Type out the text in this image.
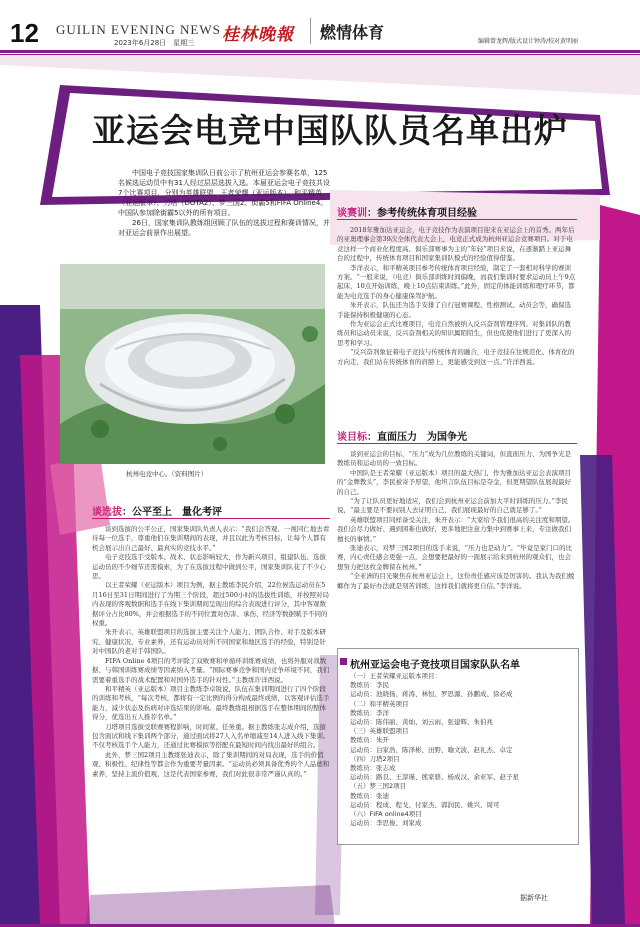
12 GUILIN EVENING NEWS
2023年6月28日　星期三 桂林晚報 燃情体育	编辑曾龙辉/版式设计钟涛/校对黄明丽
亚运会电竞中国队队员名单出炉

中国电子竞技国家集训队日前公示了杭州亚运会参赛名单，125名候选运动员中有31人经过层层选拔入选。本届亚运会电子竞技共设7个比赛项目，分别为英雄联盟、王者荣耀（亚运版本）、和平精英（亚运版本）、刀塔（DOTA2）、梦三国2、街霸5和FIFA Online4。中国队参加除街霸5以外的所有项目。

26日，国家集训队教练组回顾了队伍的选拔过程和赛训情况，并对亚运会前景作出展望。

杭州电竞中心。（资料图片）
谈选拔：公平至上　量化考评

谈到选拔的公平公正，国家集训队负责人表示：“我们会答观、一视同仁地去看待每一位选手，尊重他们在集训期间的表现，并且以此为考核目标，让每个人都有机会展示出自己最好、最真实的竞技水平。”

电子竞技选手受版本、战术、状态影响较大，作为新兴项目，组建队伍、选拔运动员的不少细节还需摸索，为了在选拔过程中做到公平，国家集训队花了不少心思。

以王者荣耀（亚运版本）项目为例，据主教练李民介绍，22位候选运动员在5月16日至31日期间进行了为期三个阶段，超过500小时的选拔性训练，并按照对局内表现的客观数据和选手在线下集训期间呈现出的综合表现进行评分，其中客观数据评分占比80%，并会根据选手的不同位置对伤害、承伤、经济等数据赋予不同的权重。

朱开表示，英雄联盟项目的选拔主要关注个人能力、团队合作、对手及版本研究、健康状况、专业素养，还有运动员对所不同国家和地区选手的经验，特别是针对中国队的老对手韩国队。

FIFA Online 4项目的考评除了双败赛和单循环训练赛成绩，也将外服对战数据、与韩国训练赛成绩等因素纳入考量。“国际赛事竞争和国内竞争环境不同，我们需要着重选手的战术配置和对国外选手的针对性。”主教练许洋西说。

和平精英（亚运版本）项目主教练李卓锐说，队伍在集训期间进行了四个阶段的训练和考核，“每次考核，都将有一定比例的得分构成最终成绩，以客观评估选手能力，减少状态及伤病对评选结果的影响。最终教练组根据选手在整体期间的整体得分，优选出五人推荐名单。”

刀塔项目选拔受联赛赛程影响，时间紧、任务重。据主教练张志成介绍，选拔包含面试和线下集训两个部分，通过面试将27人入名单缩减至14人进入线下集训。不仅考核选手个人能力，还通过比赛模拟等搭配在最短时间内找出最好的组合。

此外，梦三国2项目主教练张迪表示，除了集训期间的对局表现，选手的价值观、积极性、纪律性等都会作为重要考量因素。“运动员必须具备优秀的个人品德和素养，坚持主流价值观，这是代表国家参赛，我们对此很非常严谨认真的。”

谈赛训：参考传统体育项目经验

2018年雅加达亚运会，电子竞技作为表演项目迎来在亚运会上的首秀。两年后的亚奥理事会第39次全体代表大会上，电竞正式成为杭州亚运会竞赛项目。对于电竞这样一个商业化程度高、俱乐部赛事为主的“年轻”项目来说，在逐渐踏上亚运舞台的过程中，传统体育项目和国家集训队模式的经验值得借鉴。

李洋表示，和平精英项目参考传统体育项目经验，制定了一套相对科学的赛训方案。“一般来说，（电竞）俱乐部训练时间偏晚，而我们集训时要求运动员上午9点起床，10点开始训练，晚上10点结束训练。”此外，固定的体能训练和理疗环节，都能为电竞选手的身心健康保驾护航。

朱开表示，队伍还为选手安排了自行冠赛课程、性格测试、动员会等，确保选手能保持积极健康的心态。

作为亚运会正式比赛项目，电竞自然被纳入反兴奋剂管理序列。对集训队的教练员和运动员来说，反兴奋剂相关的知识属陌陌生，但也促使他们进行了更深入的思考和学习。

“反兴奋剂象征着电子竞技与传统体育的融合，电子竞技在往规范化、体育化的方向走，我们站在传统体育的肩膀上，更能感受到这一点。”许洋西说。

谈目标：直面压力　为国争光

谈到亚运会的目标，“压力”成为几位教练的关键词，但直面压力、为国争光是教练员和运动员的一致目标。

中国队是王者荣耀（亚运版本）项目的最大热门，作为雅加达亚运会表演项目的“金牌教头”，李民被寄予厚望，他坦言队伍目标是夺金，但更期望队伍展现最好的自己。

“为了让队员更好地适应，我们会到杭州亚运会前加大平时训练的压力。”李民说，“最主要是不要问别人去证明自己，我们展现最好的自己就足够了。”

英雄联盟项目同样备受关注，朱开表示：“大家给予我们很高的关注度和期望。我们会尽力做好、遇到困难也做好，更多地把注意力集中到赛事上来，专注做我们擅长的事情。”

张迪表示，对梦三国2项目的选手来说，“压力也是动力”。“毕竟是家门口的比赛，内心责任感会更强一点，会想要把最好的一面展示给来到杭州的观众们，也会想努力把这枚金牌留在杭州。”

“全亚洲的目光聚焦在杭州亚运会上，这份责任感应该是厉害的。我认为我们螳螂作为了最好办法就是刻苦训练，这样我们就将更自信。”李洋说。

杭州亚运会电子竞技项目国家队队名单
（一）王者荣耀亚运版本项目：
教练员：李民
运动员：池晓扬、蒋涛、林恒、罗思源、孙鹏成、徐必成
（二）和平精英项目
教练员：李洋
运动员：陈伟丽、黄灿、刘云雨、张建辉、朱伯兆
（三）英雄联盟项目
教练员：朱开
运动员：白家浩、陈泽彬、田野、喻文波、赵礼杰、卓定
（四）刀塔2项目
教练员：张志成
运动员：路良、王淳瑾、熊家骆、杨成汉、余亚军、赵子星
（五）梦三国2项目
教练员：张迪
运动员：程成、程戈、付家杰、郭润民、姚兴、周可
（六）FIFA online4项目
运动员：李思俊、刘家成
据新华社
